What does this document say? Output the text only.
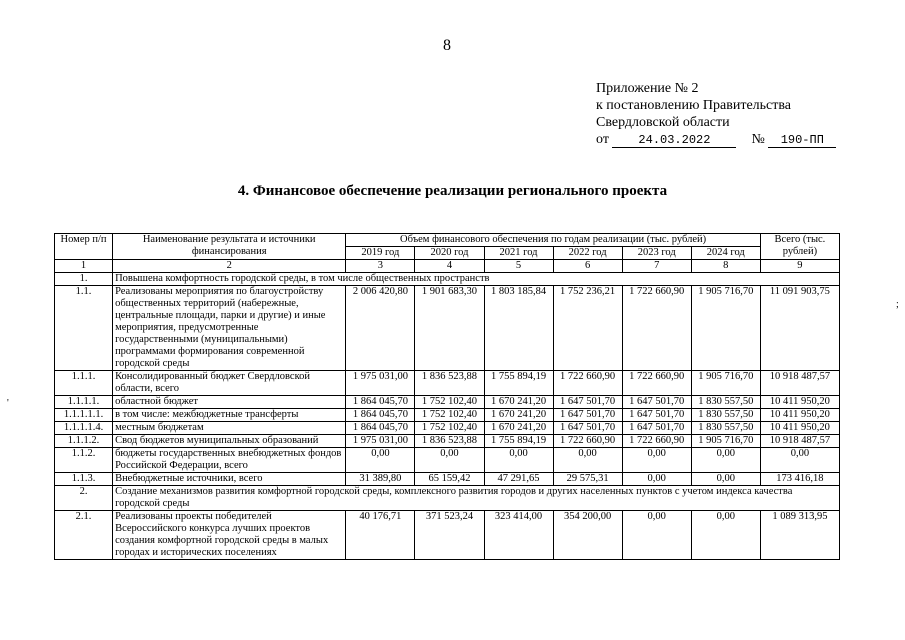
8
Приложение № 2
к постановлению Правительства
Свердловской области
от 24.03.2022	№ 190-ПП
4. Финансовое обеспечение реализации регионального проекта
'
;
Номер п/п	Наименование результата и источники финансирования	Объем финансового обеспечения по годам реализации (тыс. рублей)						Всего (тыс. рублей)
		2019 год	2020 год	2021 год	2022 год	2023 год	2024 год	
1	2	3	4	5	6	7	8	9
1.	Повышена комфортность городской среды, в том числе общественных пространств							
1.1.	Реализованы мероприятия по благоустройству общественных территорий (набережные, центральные площади, парки и другие) и иные мероприятия, предусмотренные государственными (муниципальными) программами формирования современной городской среды	2 006 420,80	1 901 683,30	1 803 185,84	1 752 236,21	1 722 660,90	1 905 716,70	11 091 903,75
1.1.1.	Консолидированный бюджет Свердловской области, всего	1 975 031,00	1 836 523,88	1 755 894,19	1 722 660,90	1 722 660,90	1 905 716,70	10 918 487,57
1.1.1.1.	областной бюджет	1 864 045,70	1 752 102,40	1 670 241,20	1 647 501,70	1 647 501,70	1 830 557,50	10 411 950,20
1.1.1.1.1.	в том числе: межбюджетные трансферты	1 864 045,70	1 752 102,40	1 670 241,20	1 647 501,70	1 647 501,70	1 830 557,50	10 411 950,20
1.1.1.1.4.	местным бюджетам	1 864 045,70	1 752 102,40	1 670 241,20	1 647 501,70	1 647 501,70	1 830 557,50	10 411 950,20
1.1.1.2.	Свод бюджетов муниципальных образований	1 975 031,00	1 836 523,88	1 755 894,19	1 722 660,90	1 722 660,90	1 905 716,70	10 918 487,57
1.1.2.	бюджеты государственных внебюджетных фондов Российской Федерации, всего	0,00	0,00	0,00	0,00	0,00	0,00	0,00
1.1.3.	Внебюджетные источники, всего	31 389,80	65 159,42	47 291,65	29 575,31	0,00	0,00	173 416,18
2.	Создание механизмов развития комфортной городской среды, комплексного развития городов и других населенных пунктов с учетом индекса качества городской среды							
2.1.	Реализованы проекты победителей Всероссийского конкурса лучших проектов создания комфортной городской среды в малых городах и исторических поселениях	40 176,71	371 523,24	323 414,00	354 200,00	0,00	0,00	1 089 313,95
